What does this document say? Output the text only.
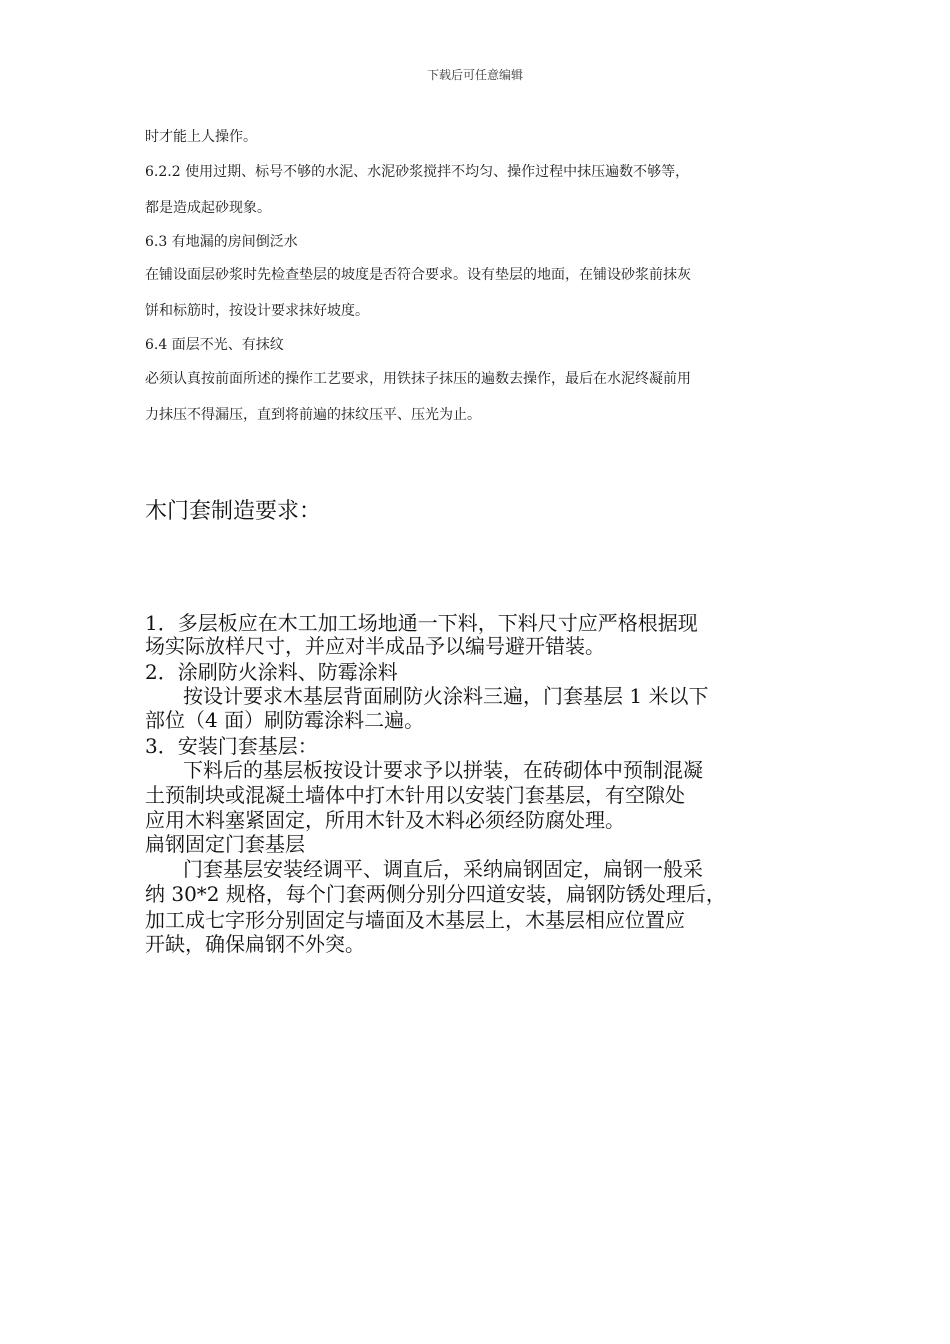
下载后可任意编辑
时才能上人操作。
6.2.2 使用过期、标号不够的水泥、水泥砂浆搅拌不均匀、操作过程中抹压遍数不够等，
都是造成起砂现象。
6.3 有地漏的房间倒泛水
在铺设面层砂浆时先检查垫层的坡度是否符合要求。设有垫层的地面，在铺设砂浆前抹灰
饼和标筋时，按设计要求抹好坡度。
6.4 面层不光、有抹纹
必须认真按前面所述的操作工艺要求，用铁抹子抹压的遍数去操作，最后在水泥终凝前用
力抹压不得漏压，直到将前遍的抹纹压平、压光为止。
木门套制造要求：
1．多层板应在木工加工场地通一下料，下料尺寸应严格根据现
场实际放样尺寸，并应对半成品予以编号避开错装。
2．涂刷防火涂料、防霉涂料
按设计要求木基层背面刷防火涂料三遍，门套基层 1 米以下
部位（4 面）刷防霉涂料二遍。
3．安装门套基层：
下料后的基层板按设计要求予以拼装，在砖砌体中预制混凝
土预制块或混凝土墙体中打木针用以安装门套基层，有空隙处
应用木料塞紧固定，所用木针及木料必须经防腐处理。
扁钢固定门套基层
门套基层安装经调平、调直后，采纳扁钢固定，扁钢一般采
纳 30*2 规格，每个门套两侧分别分四道安装，扁钢防锈处理后，
加工成七字形分别固定与墙面及木基层上，木基层相应位置应
开缺，确保扁钢不外突。
